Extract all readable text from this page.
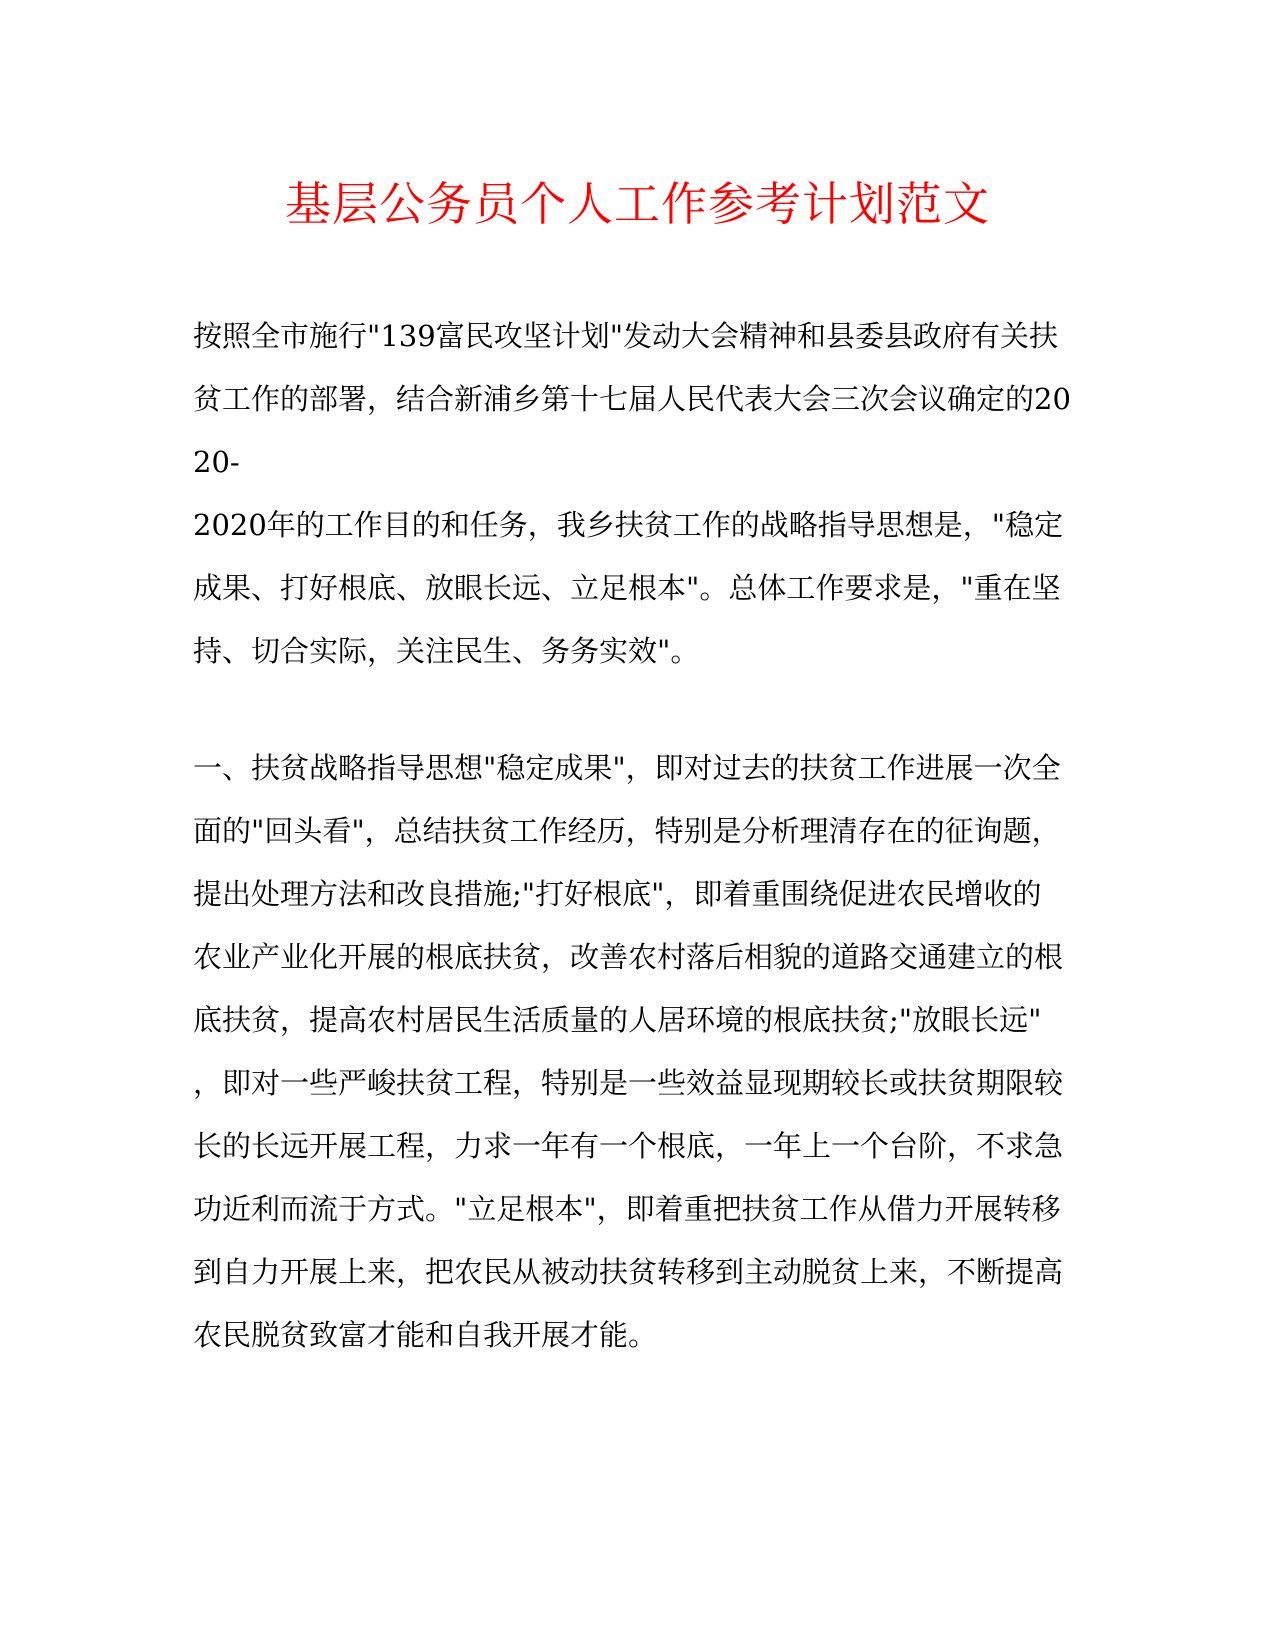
基层公务员个人工作参考计划范文
按照全市施行"139富民攻坚计划"发动大会精神和县委县政府有关扶
贫工作的部署，结合新浦乡第十七届人民代表大会三次会议确定的20
20-
2020年的工作目的和任务，我乡扶贫工作的战略指导思想是，"稳定
成果、打好根底、放眼长远、立足根本"。总体工作要求是，"重在坚
持、切合实际，关注民生、务务实效"。
一、扶贫战略指导思想"稳定成果"，即对过去的扶贫工作进展一次全
面的"回头看"，总结扶贫工作经历，特别是分析理清存在的征询题，
提出处理方法和改良措施;"打好根底"，即着重围绕促进农民增收的
农业产业化开展的根底扶贫，改善农村落后相貌的道路交通建立的根
底扶贫，提高农村居民生活质量的人居环境的根底扶贫;"放眼长远"
，即对一些严峻扶贫工程，特别是一些效益显现期较长或扶贫期限较
长的长远开展工程，力求一年有一个根底，一年上一个台阶，不求急
功近利而流于方式。"立足根本"，即着重把扶贫工作从借力开展转移
到自力开展上来，把农民从被动扶贫转移到主动脱贫上来，不断提高
农民脱贫致富才能和自我开展才能。
